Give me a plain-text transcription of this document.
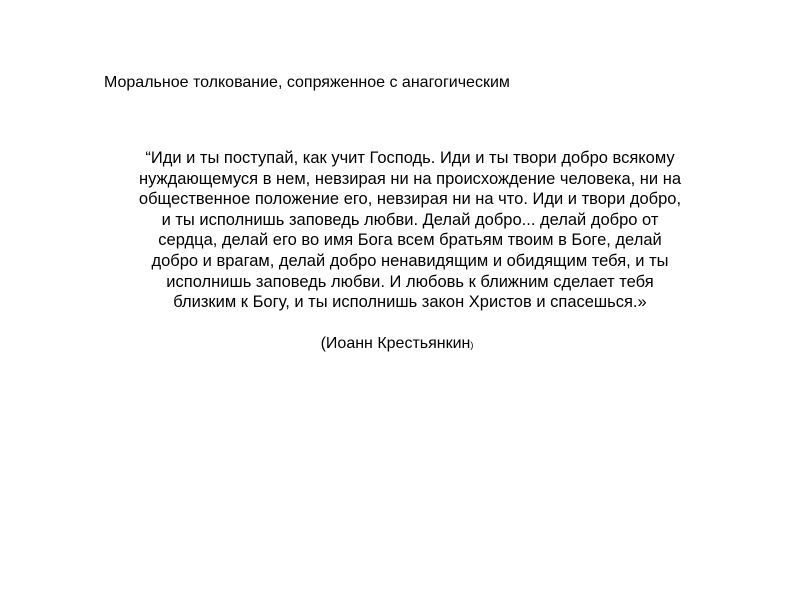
Моральное толкование, сопряженное с анагогическим
“Иди и ты поступай, как учит Господь. Иди и ты твори добро всякому
нуждающемуся в нем, невзирая ни на происхождение человека, ни на
общественное положение его, невзирая ни на что. Иди и твори добро,
и ты исполнишь заповедь любви. Делай добро... делай добро от
сердца, делай его во имя Бога всем братьям твоим в Боге, делай
добро и врагам, делай добро ненавидящим и обидящим тебя, и ты
исполнишь заповедь любви. И любовь к ближним сделает тебя
близким к Богу, и ты исполнишь закон Христов и спасешься.»
(Иоанн Крестьянкин)
